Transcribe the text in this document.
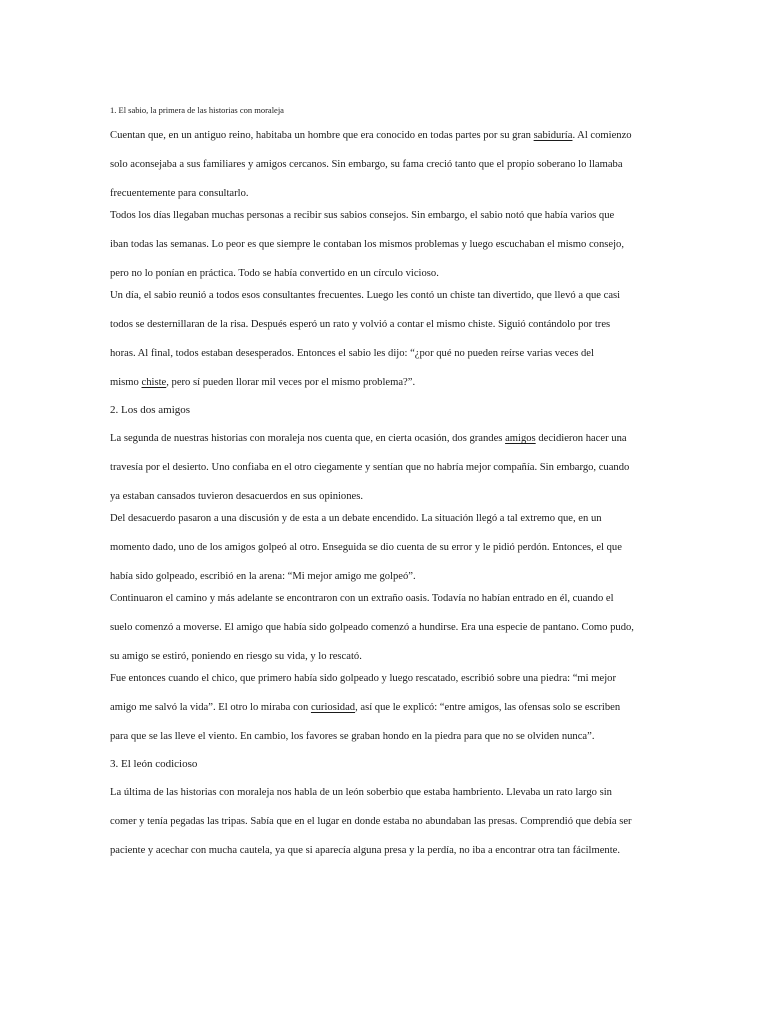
1. El sabio, la primera de las historias con moraleja
Cuentan que, en un antiguo reino, habitaba un hombre que era conocido en todas partes por su gran sabiduría. Al comienzo
solo aconsejaba a sus familiares y amigos cercanos. Sin embargo, su fama creció tanto que el propio soberano lo llamaba
frecuentemente para consultarlo.
Todos los días llegaban muchas personas a recibir sus sabios consejos. Sin embargo, el sabio notó que había varios que
iban todas las semanas. Lo peor es que siempre le contaban los mismos problemas y luego escuchaban el mismo consejo,
pero no lo ponían en práctica. Todo se había convertido en un círculo vicioso.
Un día, el sabio reunió a todos esos consultantes frecuentes. Luego les contó un chiste tan divertido, que llevó a que casi
todos se desternillaran de la risa. Después esperó un rato y volvió a contar el mismo chiste. Siguió contándolo por tres
horas. Al final, todos estaban desesperados. Entonces el sabio les dijo: “¿por qué no pueden reírse varias veces del
mismo chiste, pero sí pueden llorar mil veces por el mismo problema?”.
2. Los dos amigos
La segunda de nuestras historias con moraleja nos cuenta que, en cierta ocasión, dos grandes amigos decidieron hacer una
travesía por el desierto. Uno confiaba en el otro ciegamente y sentían que no habría mejor compañía. Sin embargo, cuando
ya estaban cansados tuvieron desacuerdos en sus opiniones.
Del desacuerdo pasaron a una discusión y de esta a un debate encendido. La situación llegó a tal extremo que, en un
momento dado, uno de los amigos golpeó al otro. Enseguida se dio cuenta de su error y le pidió perdón. Entonces, el que
había sido golpeado, escribió en la arena: “Mi mejor amigo me golpeó”.
Continuaron el camino y más adelante se encontraron con un extraño oasis. Todavía no habían entrado en él, cuando el
suelo comenzó a moverse. El amigo que había sido golpeado comenzó a hundirse. Era una especie de pantano. Como pudo,
su amigo se estiró, poniendo en riesgo su vida, y lo rescató.
Fue entonces cuando el chico, que primero había sido golpeado y luego rescatado, escribió sobre una piedra: “mi mejor
amigo me salvó la vida”. El otro lo miraba con curiosidad, así que le explicó: “entre amigos, las ofensas solo se escriben
para que se las lleve el viento. En cambio, los favores se graban hondo en la piedra para que no se olviden nunca”.
3. El león codicioso
La última de las historias con moraleja nos habla de un león soberbio que estaba hambriento. Llevaba un rato largo sin
comer y tenía pegadas las tripas. Sabía que en el lugar en donde estaba no abundaban las presas. Comprendió que debía ser
paciente y acechar con mucha cautela, ya que si aparecía alguna presa y la perdía, no iba a encontrar otra tan fácilmente.
